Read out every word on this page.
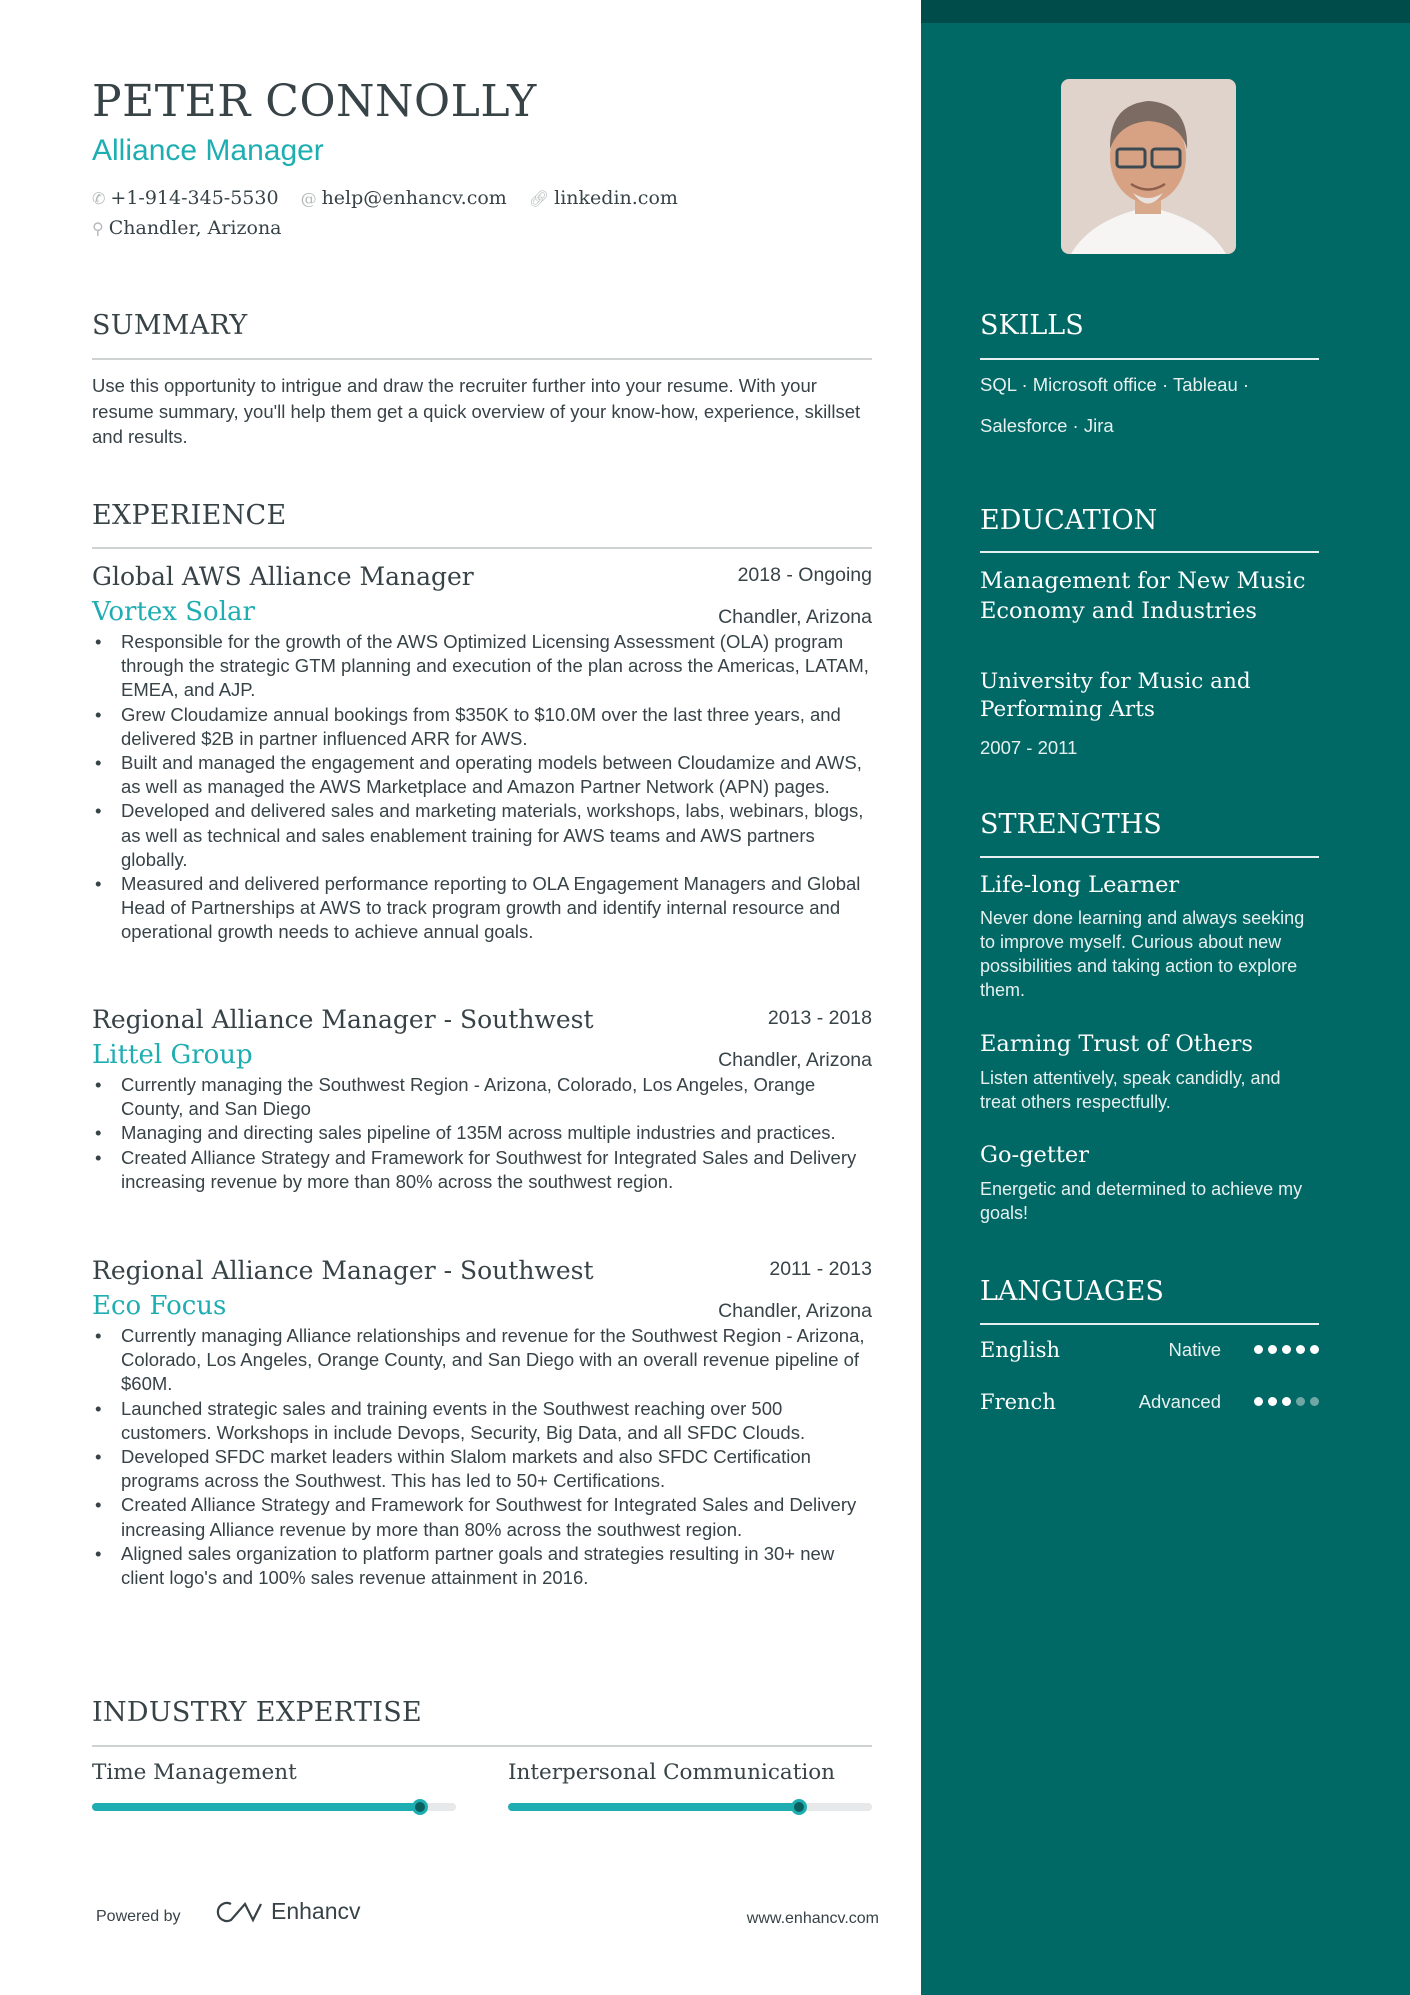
PETER CONNOLLY
Alliance Manager
✆ +1-914-345-5530 @ help@enhancv.com 🔗︎ linkedin.com
⚲ Chandler, Arizona
SUMMARY
Use this opportunity to intrigue and draw the recruiter further into your resume. With your resume summary, you'll help them get a quick overview of your know-how, experience, skillset and results.
EXPERIENCE
Global AWS Alliance Manager	2018 - Ongoing
Vortex Solar	Chandler, Arizona
• Responsible for the growth of the AWS Optimized Licensing Assessment (OLA) program through the strategic GTM planning and execution of the plan across the Americas, LATAM, EMEA, and AJP.
• Grew Cloudamize annual bookings from $350K to $10.0M over the last three years, and delivered $2B in partner influenced ARR for AWS.
• Built and managed the engagement and operating models between Cloudamize and AWS, as well as managed the AWS Marketplace and Amazon Partner Network (APN) pages.
• Developed and delivered sales and marketing materials, workshops, labs, webinars, blogs, as well as technical and sales enablement training for AWS teams and AWS partners globally.
• Measured and delivered performance reporting to OLA Engagement Managers and Global Head of Partnerships at AWS to track program growth and identify internal resource and operational growth needs to achieve annual goals.
Regional Alliance Manager - Southwest	2013 - 2018
Littel Group	Chandler, Arizona
• Currently managing the Southwest Region - Arizona, Colorado, Los Angeles, Orange County, and San Diego
• Managing and directing sales pipeline of 135M across multiple industries and practices.
• Created Alliance Strategy and Framework for Southwest for Integrated Sales and Delivery increasing revenue by more than 80% across the southwest region.
Regional Alliance Manager - Southwest	2011 - 2013
Eco Focus	Chandler, Arizona
• Currently managing Alliance relationships and revenue for the Southwest Region - Arizona, Colorado, Los Angeles, Orange County, and San Diego with an overall revenue pipeline of $60M.
• Launched strategic sales and training events in the Southwest reaching over 500 customers. Workshops in include Devops, Security, Big Data, and all SFDC Clouds.
• Developed SFDC market leaders within Slalom markets and also SFDC Certification programs across the Southwest. This has led to 50+ Certifications.
• Created Alliance Strategy and Framework for Southwest for Integrated Sales and Delivery increasing Alliance revenue by more than 80% across the southwest region.
• Aligned sales organization to platform partner goals and strategies resulting in 30+ new client logo's and 100% sales revenue attainment in 2016.
INDUSTRY EXPERTISE
Time Management	Interpersonal Communication
Powered by	Enhancv	www.enhancv.com
SKILLS
SQL · Microsoft office · Tableau ·
Salesforce · Jira
EDUCATION
Management for New Music Economy and Industries
University for Music and Performing Arts
2007 - 2011
STRENGTHS
Life-long Learner
Never done learning and always seeking to improve myself. Curious about new possibilities and taking action to explore them.
Earning Trust of Others
Listen attentively, speak candidly, and treat others respectfully.
Go-getter
Energetic and determined to achieve my goals!
LANGUAGES
English	Native
French	Advanced
